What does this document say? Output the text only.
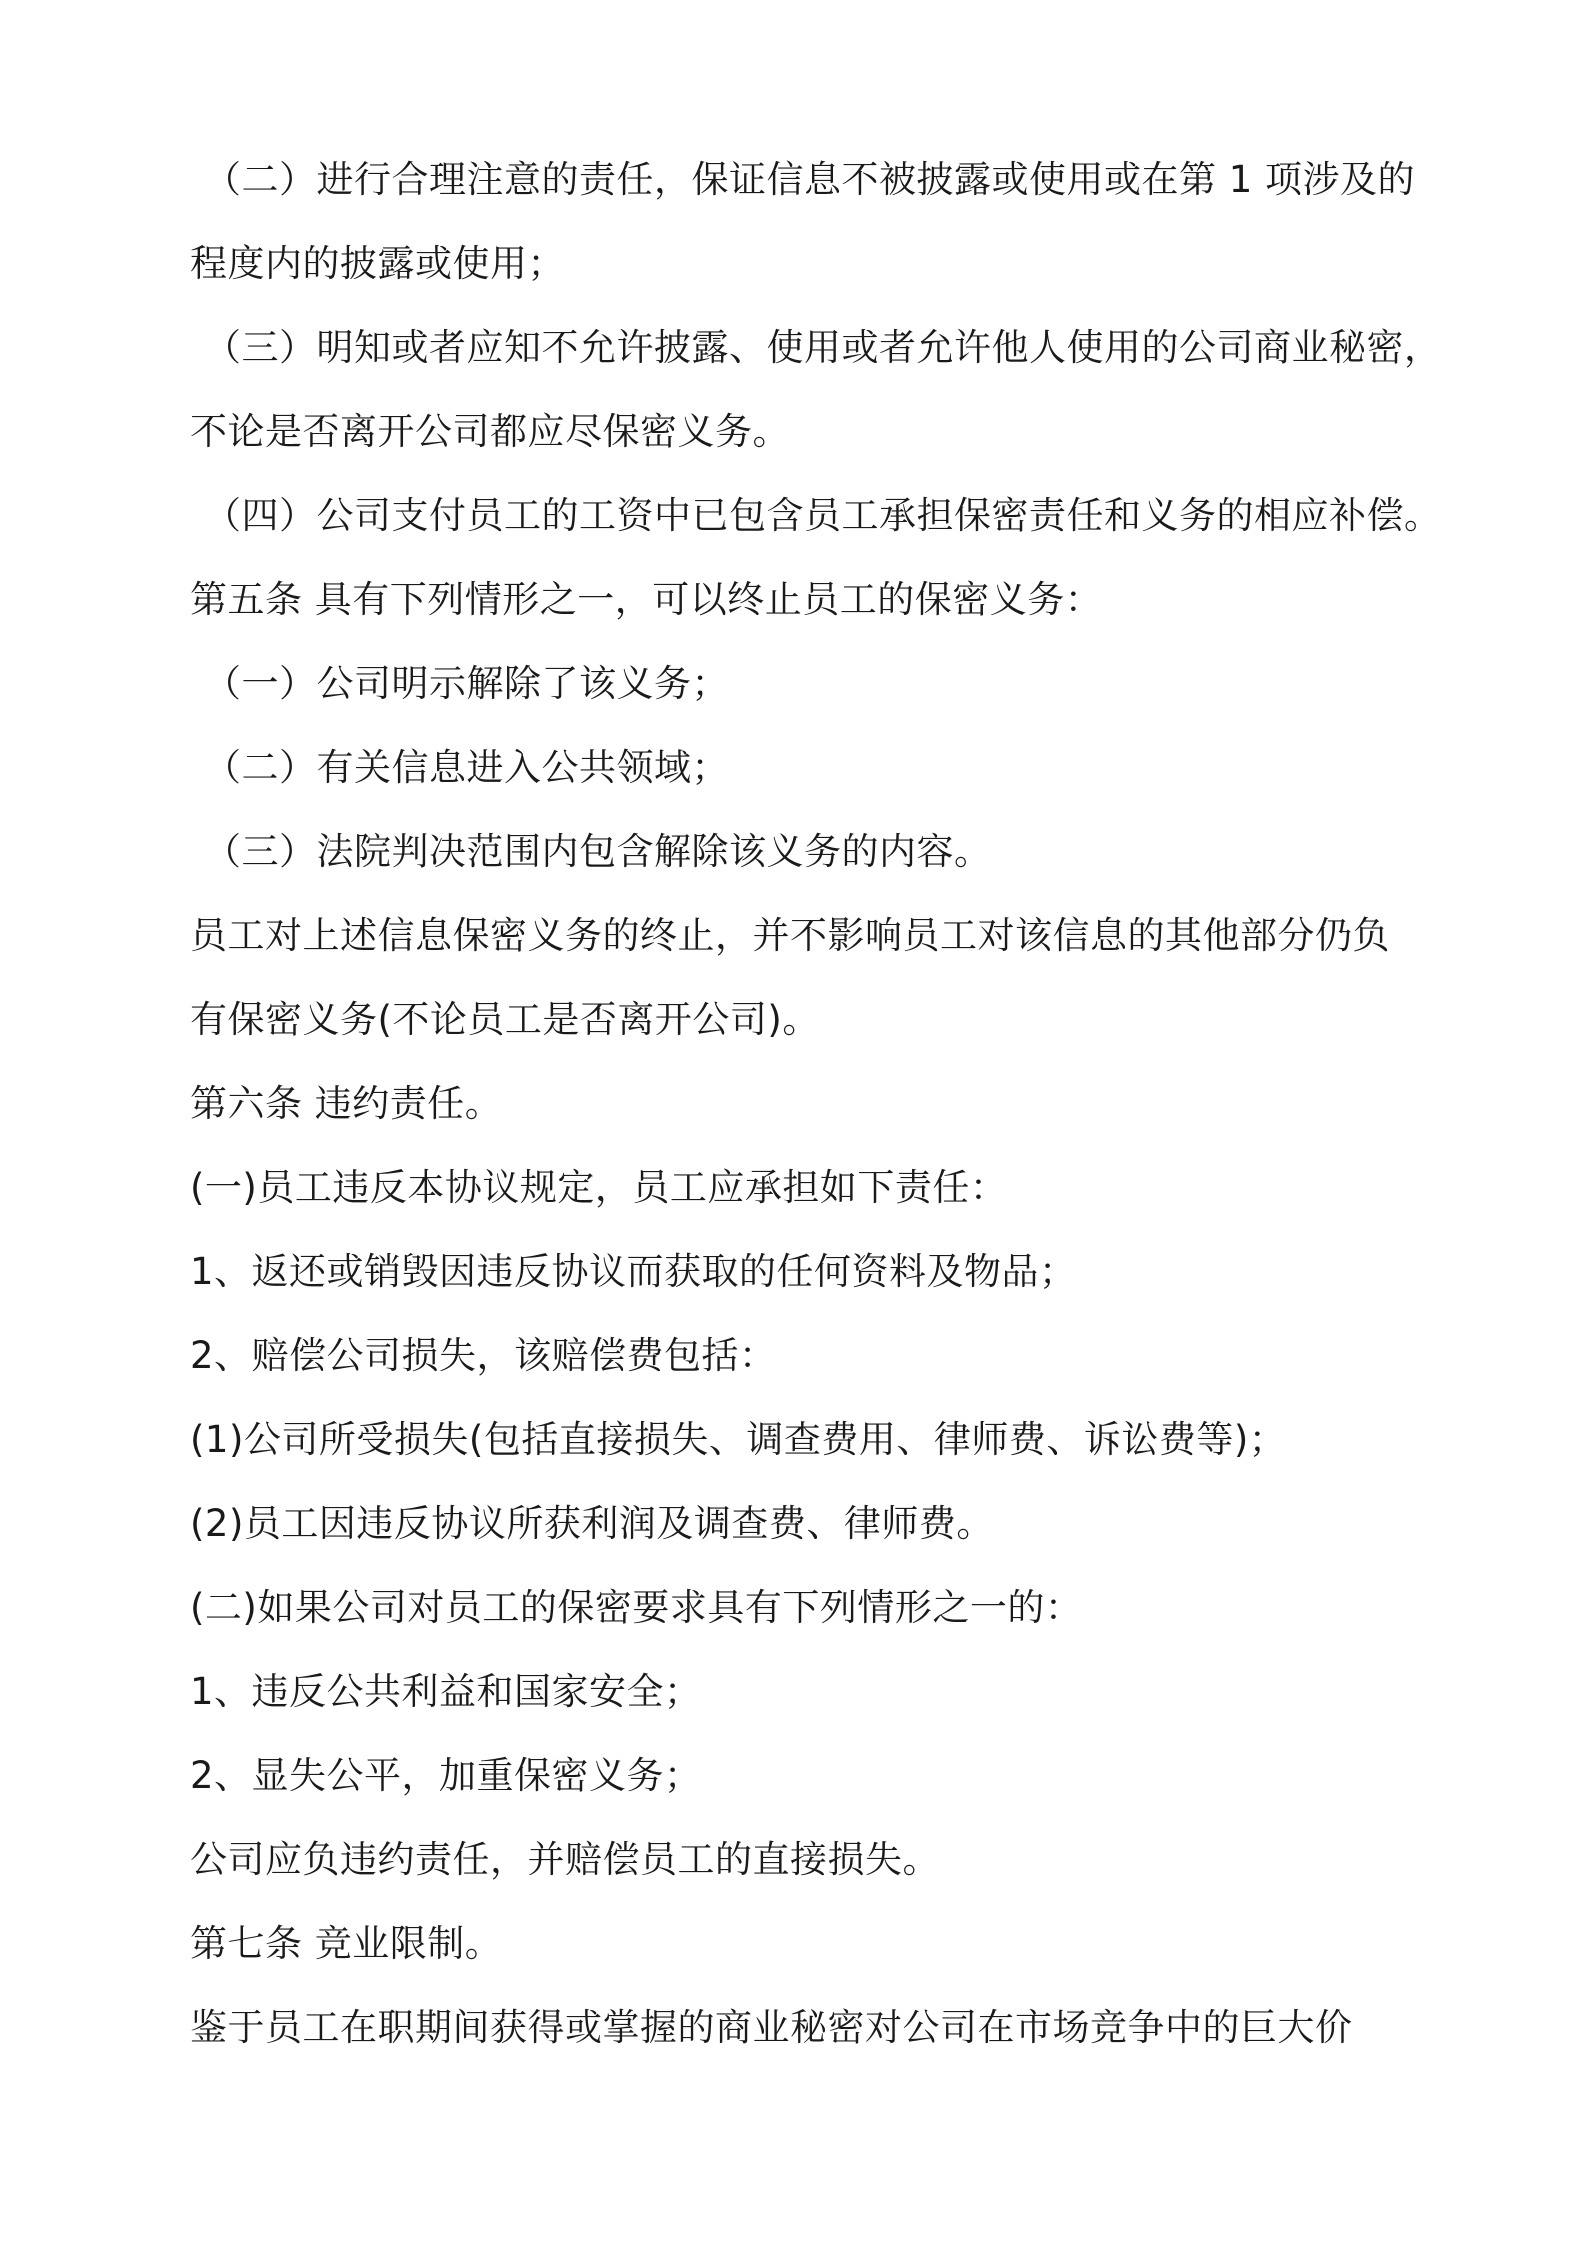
（二）进行合理注意的责任，保证信息不被披露或使用或在第 1 项涉及的
程度内的披露或使用；
（三）明知或者应知不允许披露、使用或者允许他人使用的公司商业秘密，
不论是否离开公司都应尽保密义务。
（四）公司支付员工的工资中已包含员工承担保密责任和义务的相应补偿。
第五条 具有下列情形之一，可以终止员工的保密义务：
（一）公司明示解除了该义务；
（二）有关信息进入公共领域；
（三）法院判决范围内包含解除该义务的内容。
员工对上述信息保密义务的终止，并不影响员工对该信息的其他部分仍负
有保密义务(不论员工是否离开公司)。
第六条 违约责任。
(一)员工违反本协议规定，员工应承担如下责任：
1、返还或销毁因违反协议而获取的任何资料及物品；
2、赔偿公司损失，该赔偿费包括：
(1)公司所受损失(包括直接损失、调查费用、律师费、诉讼费等)；
(2)员工因违反协议所获利润及调查费、律师费。
(二)如果公司对员工的保密要求具有下列情形之一的：
1、违反公共利益和国家安全；
2、显失公平，加重保密义务；
公司应负违约责任，并赔偿员工的直接损失。
第七条 竞业限制。
鉴于员工在职期间获得或掌握的商业秘密对公司在市场竞争中的巨大价
